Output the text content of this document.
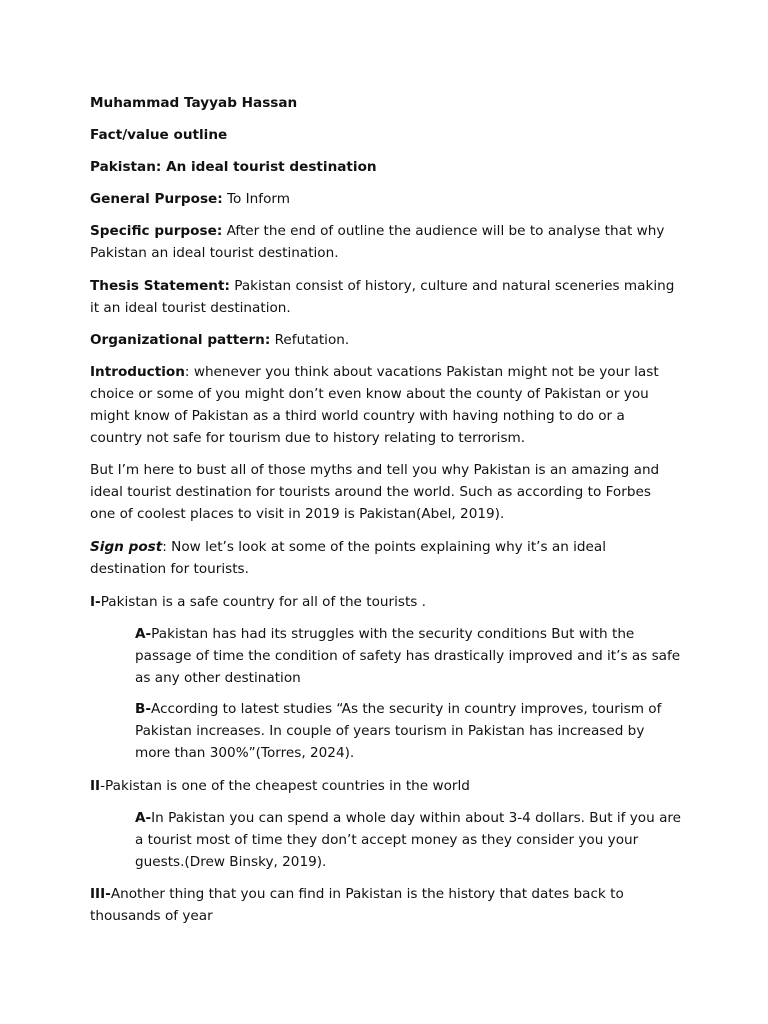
Muhammad Tayyab Hassan

Fact/value outline

Pakistan: An ideal tourist destination

General Purpose: To Inform

Specific purpose: After the end of outline the audience will be to analyse that why Pakistan an ideal tourist destination.

Thesis Statement: Pakistan consist of history, culture and natural sceneries making it an ideal tourist destination.

Organizational pattern: Refutation.

Introduction: whenever you think about vacations Pakistan might not be your last choice or some of you might don’t even know about the county of Pakistan or you might know of Pakistan as a third world country with having nothing to do or a country not safe for tourism due to history relating to terrorism.

But I’m here to bust all of those myths and tell you why Pakistan is an amazing and ideal tourist destination for tourists around the world. Such as according to Forbes one of coolest places to visit in 2019 is Pakistan(Abel, 2019).

Sign post: Now let’s look at some of the points explaining why it’s an ideal destination for tourists.

I-Pakistan is a safe country for all of the tourists .

A-Pakistan has had its struggles with the security conditions But with the passage of time the condition of safety has drastically improved and it’s as safe as any other destination

B-According to latest studies “As the security in country improves, tourism of Pakistan increases. In couple of years tourism in Pakistan has increased by more than 300%”(Torres, 2024).

II-Pakistan is one of the cheapest countries in the world

A-In Pakistan you can spend a whole day within about 3-4 dollars. But if you are a tourist most of time they don’t accept money as they consider you your guests.(Drew Binsky, 2019).

III-Another thing that you can find in Pakistan is the history that dates back to thousands of year
